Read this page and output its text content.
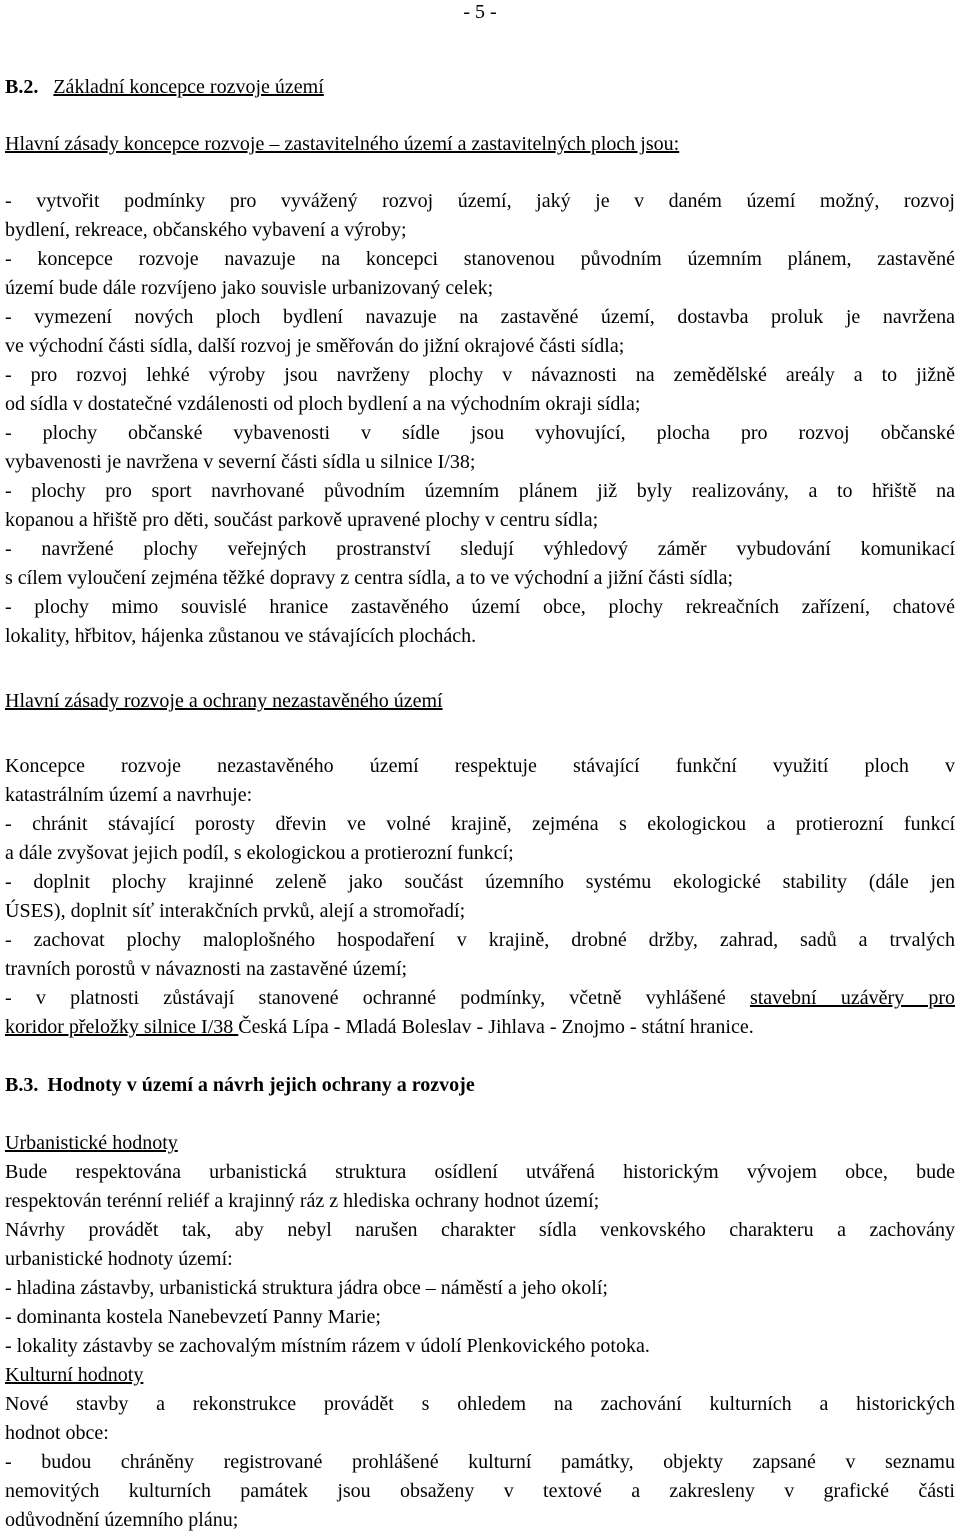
- 5 -
B.2. Základní koncepce rozvoje území
Hlavní zásady koncepce rozvoje – zastavitelného území a zastavitelných ploch jsou:
- vytvořit podmínky pro vyvážený rozvoj území, jaký je v daném území možný, rozvoj
bydlení, rekreace, občanského vybavení a výroby;
- koncepce rozvoje navazuje na koncepci stanovenou původním územním plánem, zastavěné
území bude dále rozvíjeno jako souvisle urbanizovaný celek;
- vymezení nových ploch bydlení navazuje na zastavěné území, dostavba proluk je navržena
ve východní části sídla, další rozvoj je směřován do jižní okrajové části sídla;
- pro rozvoj lehké výroby jsou navrženy plochy v návaznosti na zemědělské areály a to jižně
od sídla v dostatečné vzdálenosti od ploch bydlení a na východním okraji sídla;
- plochy občanské vybavenosti v sídle jsou vyhovující, plocha pro rozvoj občanské
vybavenosti je navržena v severní části sídla u silnice I/38;
- plochy pro sport navrhované původním územním plánem již byly realizovány, a to hřiště na
kopanou a hřiště pro děti, součást parkově upravené plochy v centru sídla;
- navržené plochy veřejných prostranství sledují výhledový záměr vybudování komunikací
s cílem vyloučení zejména těžké dopravy z centra sídla, a to ve východní a jižní části sídla;
- plochy mimo souvislé hranice zastavěného území obce, plochy rekreačních zařízení, chatové
lokality, hřbitov, hájenka zůstanou ve stávajících plochách.
Hlavní zásady rozvoje a ochrany nezastavěného území
Koncepce rozvoje nezastavěného území respektuje stávající funkční využití ploch v
katastrálním území a navrhuje:
- chránit stávající porosty dřevin ve volné krajině, zejména s ekologickou a protierozní funkcí
a dále zvyšovat jejich podíl, s ekologickou a protierozní funkcí;
- doplnit plochy krajinné zeleně jako součást územního systému ekologické stability (dále jen
ÚSES), doplnit síť interakčních prvků, alejí a stromořadí;
- zachovat plochy maloplošného hospodaření v krajině, drobné držby, zahrad, sadů a trvalých
travních porostů v návaznosti na zastavěné území;
- v platnosti zůstávají stanovené ochranné podmínky, včetně vyhlášené stavební uzávěry pro
koridor přeložky silnice I/38 Česká Lípa - Mladá Boleslav - Jihlava - Znojmo - státní hranice.
B.3. Hodnoty v území a návrh jejich ochrany a rozvoje
Urbanistické hodnoty
Bude respektována urbanistická struktura osídlení utvářená historickým vývojem obce, bude
respektován terénní reliéf a krajinný ráz z hlediska ochrany hodnot území;
Návrhy provádět tak, aby nebyl narušen charakter sídla venkovského charakteru a zachovány
urbanistické hodnoty území:
- hladina zástavby, urbanistická struktura jádra obce – náměstí a jeho okolí;
- dominanta kostela Nanebevzetí Panny Marie;
- lokality zástavby se zachovalým místním rázem v údolí Plenkovického potoka.
Kulturní hodnoty
Nové stavby a rekonstrukce provádět s ohledem na zachování kulturních a historických
hodnot obce:
- budou chráněny registrované prohlášené kulturní památky, objekty zapsané v seznamu
nemovitých kulturních památek jsou obsaženy v textové a zakresleny v grafické části
odůvodnění územního plánu;
